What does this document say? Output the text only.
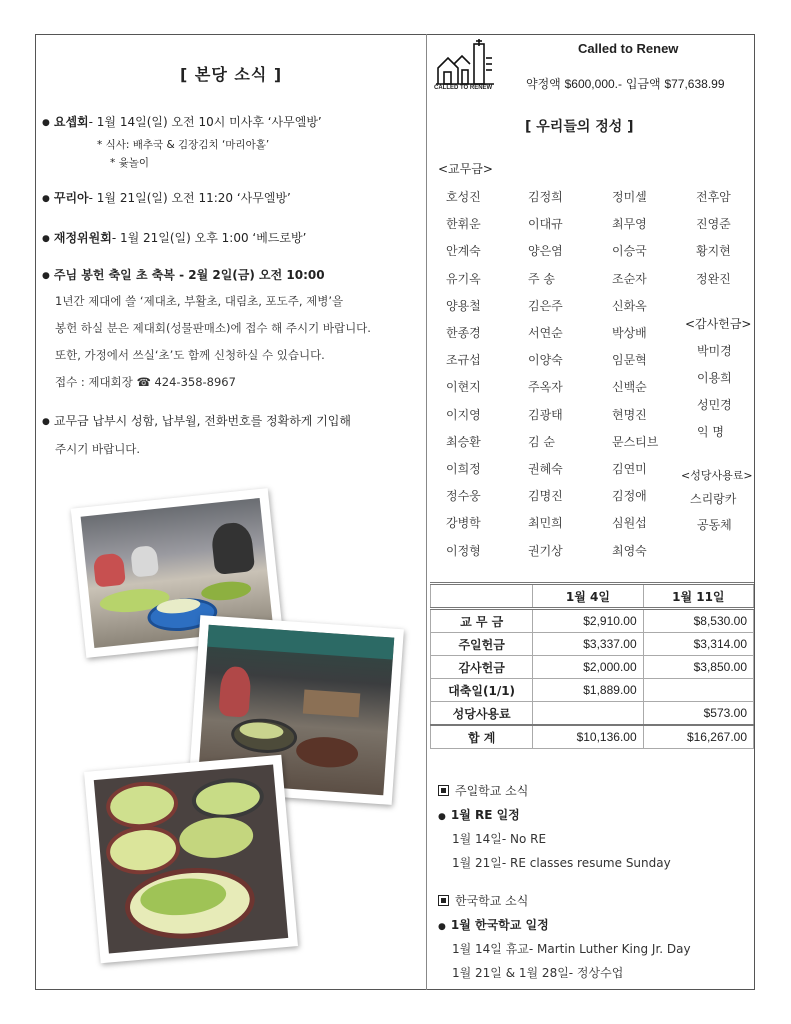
[ 본당 소식 ]
● 요셉회- 1월 14일(일) 오전 10시 미사후 ‘사무엘방’
* 식사: 배추국 & 김장김치 ‘마리아홀’
* 윷놀이
● 꾸리아- 1월 21일(일) 오전 11:20 ‘사무엘방’
● 재정위원회- 1월 21일(일) 오후 1:00 ‘베드로방’
● 주님 봉헌 축일 초 축복 - 2월 2일(금) 오전 10:00
1년간 제대에 쓸 ‘제대초, 부활초, 대림초, 포도주, 제병’을
봉헌 하실 분은 제대회(성물판매소)에 접수 해 주시기 바랍니다.
또한, 가정에서 쓰실‘초’도 함께 신청하실 수 있습니다.
접수 : 제대회장 ☎ 424-358-8967
● 교무금 납부시 성함, 납부월, 전화번호를 정확하게 기입해
주시기 바랍니다.
CALLED TO RENEW
Called to Renew
약정액 $600,000.- 입금액 $77,638.99
[ 우리들의 정성 ]
<교무금>
호성진	김정희	정미셀	전후암
한휘운	이대규	최무영	진영준
안계숙	양은염	이승국	황지현
유기옥	주 송	조순자	정완진
양용철	김은주	신화옥
한종경	서연순	박상배
조규섭	이양숙	임문혁
이현지	주옥자	신백순
이지영	김광태	현명진
최승환	김 순	문스티브
이희정	권혜숙	김연미
정수웅	김명진	김정애
강병학	최민희	심원섭
이정형	권기상	최영숙
<감사헌금>
박미경
이용희
성민경
익 명
<성당사용료>
스리랑카
공동체
	1월 4일	1월 11일
교 무 금	$2,910.00	$8,530.00
주일헌금	$3,337.00	$3,314.00
감사헌금	$2,000.00	$3,850.00
대축일(1/1)	$1,889.00	
성당사용료		$573.00
합 계	$10,136.00	$16,267.00
주일학교 소식
● 1월 RE 일정
1월 14일- No RE
1월 21일- RE classes resume Sunday
한국학교 소식
● 1월 한국학교 일정
1월 14일 휴교- Martin Luther King Jr. Day
1월 21일 & 1월 28일- 정상수업
